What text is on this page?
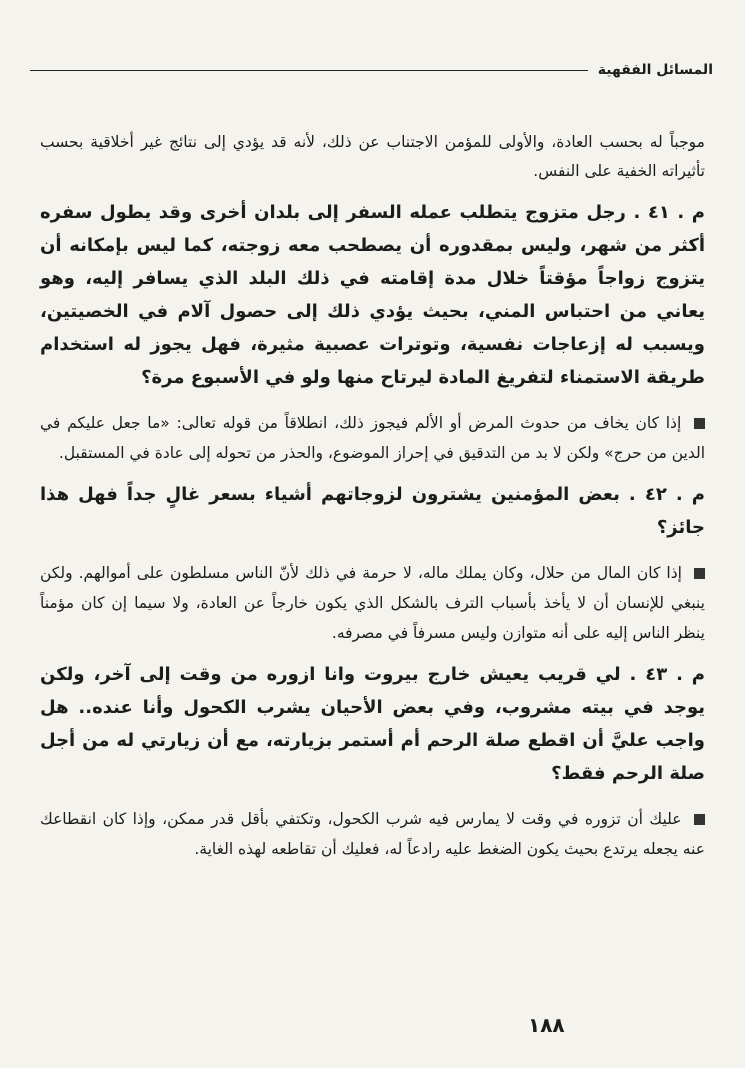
المسائل الفقهية

موجباً له بحسب العادة، والأولى للمؤمن الاجتناب عن ذلك، لأنه قد يؤدي إلى نتائج غير أخلاقية بحسب تأثيراته الخفية على النفس.

م . ٤١ . رجل متزوج يتطلب عمله السفر إلى بلدان أخرى وقد يطول سفره أكثر من شهر، وليس بمقدوره أن يصطحب معه زوجته، كما ليس بإمكانه أن يتزوج زواجاً مؤقتاً خلال مدة إقامته في ذلك البلد الذي يسافر إليه، وهو يعاني من احتباس المني، بحيث يؤدي ذلك إلى حصول آلام في الخصيتين، ويسبب له إزعاجات نفسية، وتوترات عصبية مثيرة، فهل يجوز له استخدام طريقة الاستمناء لتفريغ المادة ليرتاح منها ولو في الأسبوع مرة؟

إذا كان يخاف من حدوث المرض أو الألم فيجوز ذلك، انطلاقاً من قوله تعالى: «ما جعل عليكم في الدين من حرج» ولكن لا بد من التدقيق في إحراز الموضوع، والحذر من تحوله إلى عادة في المستقبل.

م . ٤٢ . بعض المؤمنين يشترون لزوجاتهم أشياء بسعر غالٍ جداً فهل هذا جائز؟

إذا كان المال من حلال، وكان يملك ماله، لا حرمة في ذلك لأنّ الناس مسلطون على أموالهم. ولكن ينبغي للإنسان أن لا يأخذ بأسباب الترف بالشكل الذي يكون خارجاً عن العادة، ولا سيما إن كان مؤمناً ينظر الناس إليه على أنه متوازن وليس مسرفاً في مصرفه.

م . ٤٣ . لي قريب يعيش خارج بيروت وانا ازوره من وقت إلى آخر، ولكن يوجد في بيته مشروب، وفي بعض الأحيان يشرب الكحول وأنا عنده.. هل واجب عليَّ أن اقطع صلة الرحم أم أستمر بزيارته، مع أن زيارتي له من أجل صلة الرحم فقط؟

عليك أن تزوره في وقت لا يمارس فيه شرب الكحول، وتكتفي بأقل قدر ممكن، وإذا كان انقطاعك عنه يجعله يرتدع بحيث يكون الضغط عليه رادعاً له، فعليك أن تقاطعه لهذه الغاية.

١٨٨
